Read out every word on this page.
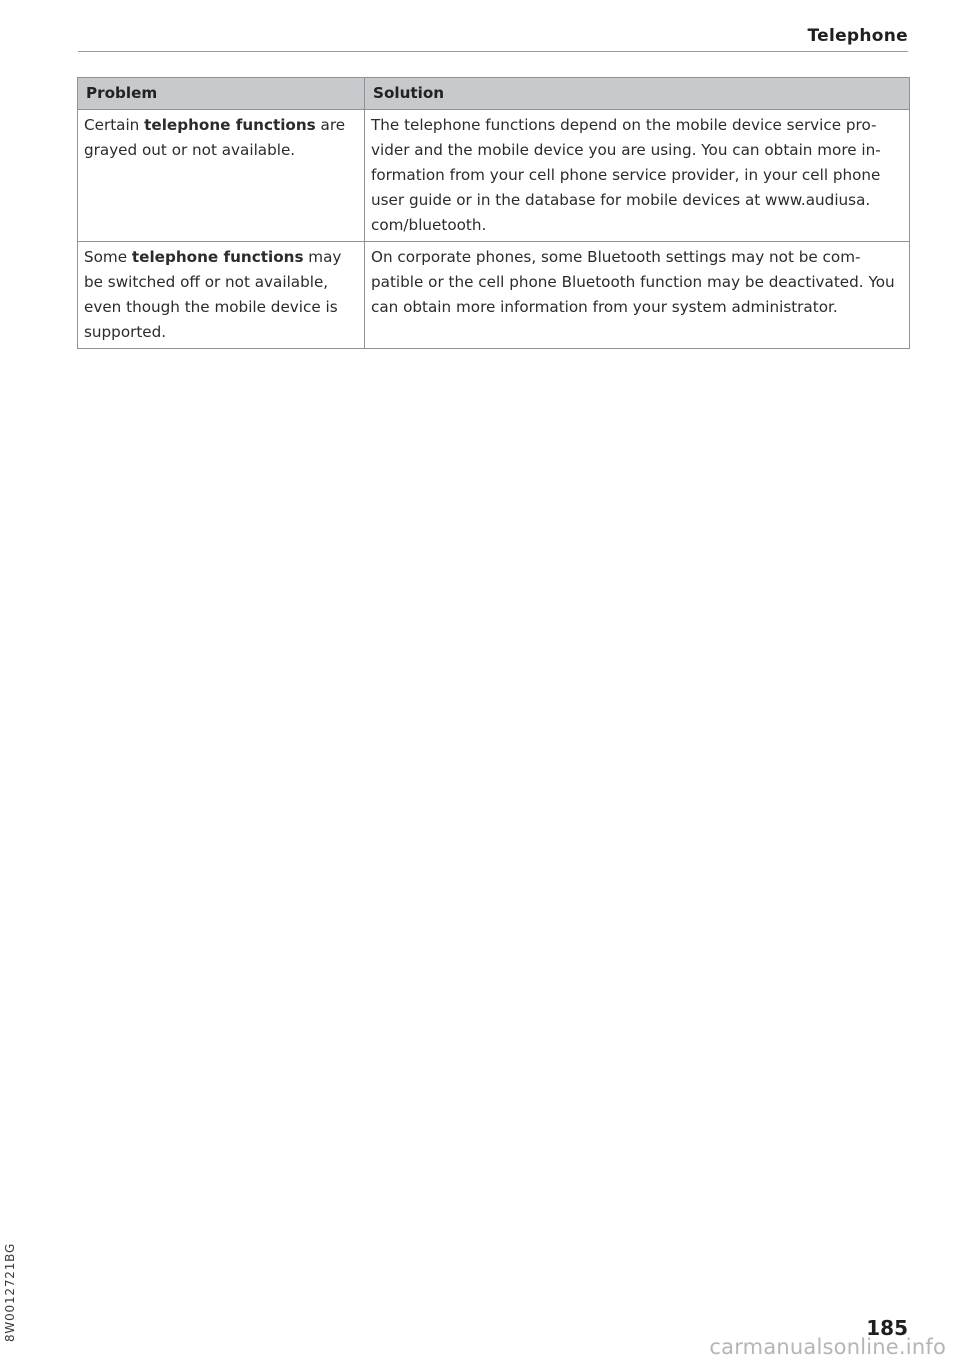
Telephone
Problem	Solution
Certain telephone functions are grayed out or not available.	The telephone functions depend on the mobile device service pro- vider and the mobile device you are using. You can obtain more in- formation from your cell phone service provider, in your cell phone user guide or in the database for mobile devices at www.audiusa. com/bluetooth.
Some telephone functions may be switched off or not available, even though the mobile device is supported.	On corporate phones, some Bluetooth settings may not be com- patible or the cell phone Bluetooth function may be deactivated. You can obtain more information from your system administrator.
8W0012721BG	185
carmanualsonline.info
